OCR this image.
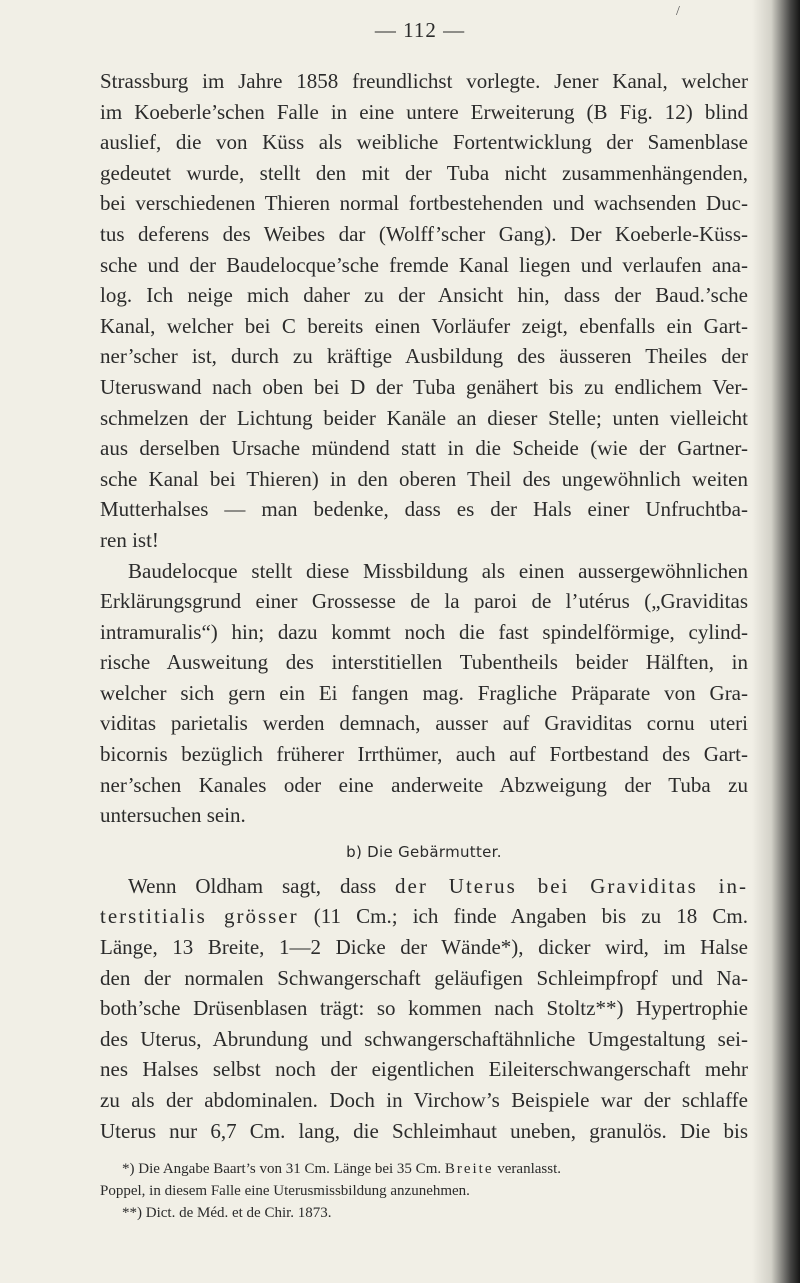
/
— 112 —

Strassburg im Jahre 1858 freundlichst vorlegte. Jener Kanal, welcher
im Koeberle’schen Falle in eine untere Erweiterung (B Fig. 12) blind
auslief, die von Küss als weibliche Fortentwicklung der Samenblase
gedeutet wurde, stellt den mit der Tuba nicht zusammenhängenden,
bei verschiedenen Thieren normal fortbestehenden und wachsenden Duc-
tus deferens des Weibes dar (Wolff’scher Gang). Der Koeberle-Küss-
sche und der Baudelocque’sche fremde Kanal liegen und verlaufen ana-
log. Ich neige mich daher zu der Ansicht hin, dass der Baud.’sche
Kanal, welcher bei C bereits einen Vorläufer zeigt, ebenfalls ein Gart-
ner’scher ist, durch zu kräftige Ausbildung des äusseren Theiles der
Uteruswand nach oben bei D der Tuba genähert bis zu endlichem Ver-
schmelzen der Lichtung beider Kanäle an dieser Stelle; unten vielleicht
aus derselben Ursache mündend statt in die Scheide (wie der Gartner-
sche Kanal bei Thieren) in den oberen Theil des ungewöhnlich weiten
Mutterhalses — man bedenke, dass es der Hals einer Unfruchtba-
ren ist!

Baudelocque stellt diese Missbildung als einen aussergewöhnlichen
Erklärungsgrund einer Grossesse de la paroi de l’utérus („Graviditas
intramuralis“) hin; dazu kommt noch die fast spindelförmige, cylind-
rische Ausweitung des interstitiellen Tubentheils beider Hälften, in
welcher sich gern ein Ei fangen mag. Fragliche Präparate von Gra-
viditas parietalis werden demnach, ausser auf Graviditas cornu uteri
bicornis bezüglich früherer Irrthümer, auch auf Fortbestand des Gart-
ner’schen Kanales oder eine anderweite Abzweigung der Tuba zu
untersuchen sein.

b) Die Gebärmutter.

Wenn Oldham sagt, dass der Uterus bei Graviditas in-
terstitialis grösser (11 Cm.; ich finde Angaben bis zu 18 Cm.
Länge, 13 Breite, 1—2 Dicke der Wände*), dicker wird, im Halse
den der normalen Schwangerschaft geläufigen Schleimpfropf und Na-
both’sche Drüsenblasen trägt: so kommen nach Stoltz**) Hypertrophie
des Uterus, Abrundung und schwangerschaftähnliche Umgestaltung sei-
nes Halses selbst noch der eigentlichen Eileiterschwangerschaft mehr
zu als der abdominalen. Doch in Virchow’s Beispiele war der schlaffe
Uterus nur 6,7 Cm. lang, die Schleimhaut uneben, granulös. Die bis

*) Die Angabe Baart’s von 31 Cm. Länge bei 35 Cm. Breite veranlasst.
Poppel, in diesem Falle eine Uterusmissbildung anzunehmen.
**) Dict. de Méd. et de Chir. 1873.
